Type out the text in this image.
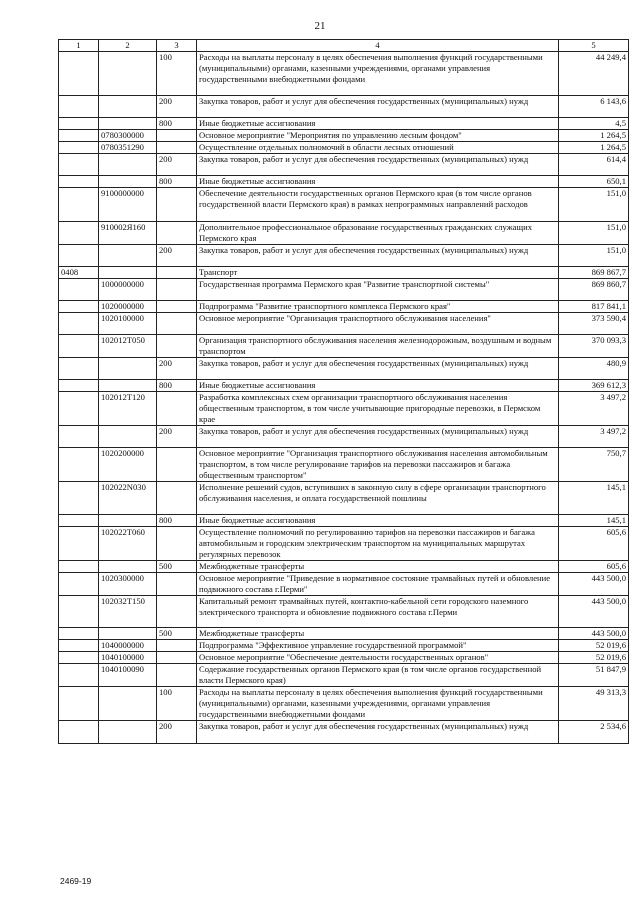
21
1	2	3	4	5
		100	Расходы на выплаты персоналу в целях обеспечения выполнения функций государственными (муниципальными) органами, казенными учреждениями, органами управления государственными внебюджетными фондами	44 249,4
		200	Закупка товаров, работ и услуг для обеспечения государственных (муниципальных) нужд	6 143,6
		800	Иные бюджетные ассигнования	4,5
	0780300000		Основное мероприятие "Мероприятия по управлению лесным фондом"	1 264,5
	0780351290		Осуществление отдельных полномочий в области лесных отношений	1 264,5
		200	Закупка товаров, работ и услуг для обеспечения государственных (муниципальных) нужд	614,4
		800	Иные бюджетные ассигнования	650,1
	9100000000		Обеспечение деятельности государственных органов Пермского края (в том числе органов государственной власти Пермского края) в рамках непрограммных направлений расходов	151,0
	910002Я160		Дополнительное профессиональное образование государственных гражданских служащих Пермского края	151,0
		200	Закупка товаров, работ и услуг для обеспечения государственных (муниципальных) нужд	151,0
0408			Транспорт	869 867,7
	1000000000		Государственная программа Пермского края "Развитие транспортной системы"	869 860,7
	1020000000		Подпрограмма "Развитие транспортного комплекса Пермского края"	817 841,1
	1020100000		Основное мероприятие "Организация транспортного обслуживания населения"	373 590,4
	102012Т050		Организация транспортного обслуживания населения железнодорожным, воздушным и водным транспортом	370 093,3
		200	Закупка товаров, работ и услуг для обеспечения государственных (муниципальных) нужд	480,9
		800	Иные бюджетные ассигнования	369 612,3
	102012Т120		Разработка комплексных схем организации транспортного обслуживания населения общественным транспортом, в том числе учитывающие пригородные перевозки, в Пермском крае	3 497,2
		200	Закупка товаров, работ и услуг для обеспечения государственных (муниципальных) нужд	3 497,2
	1020200000		Основное мероприятие "Организация транспортного обслуживания населения автомобильным транспортом, в том числе регулирование тарифов на перевозки пассажиров и багажа общественным транспортом"	750,7
	102022N030		Исполнение решений судов, вступивших в законную силу в сфере организации транспортного обслуживания населения, и оплата государственной пошлины	145,1
		800	Иные бюджетные ассигнования	145,1
	102022Т060		Осуществление полномочий по регулированию тарифов на перевозки пассажиров и багажа автомобильным и городским электрическим транспортом на муниципальных маршрутах регулярных перевозок	605,6
		500	Межбюджетные трансферты	605,6
	1020300000		Основное мероприятие "Приведение в нормативное состояние трамвайных путей и обновление подвижного состава г.Перми"	443 500,0
	102032Т150		Капитальный ремонт трамвайных путей, контактно-кабельной сети городского наземного электрического транспорта и обновление подвижного состава г.Перми	443 500,0
		500	Межбюджетные трансферты	443 500,0
	1040000000		Подпрограмма "Эффективное управление государственной программой"	52 019,6
	1040100000		Основное мероприятие "Обеспечение деятельности государственных органов"	52 019,6
	1040100090		Содержание государственных органов Пермского края (в том числе органов государственной власти Пермского края)	51 847,9
		100	Расходы на выплаты персоналу в целях обеспечения выполнения функций государственными (муниципальными) органами, казенными учреждениями, органами управления государственными внебюджетными фондами	49 313,3
		200	Закупка товаров, работ и услуг для обеспечения государственных (муниципальных) нужд	2 534,6
2469-19
